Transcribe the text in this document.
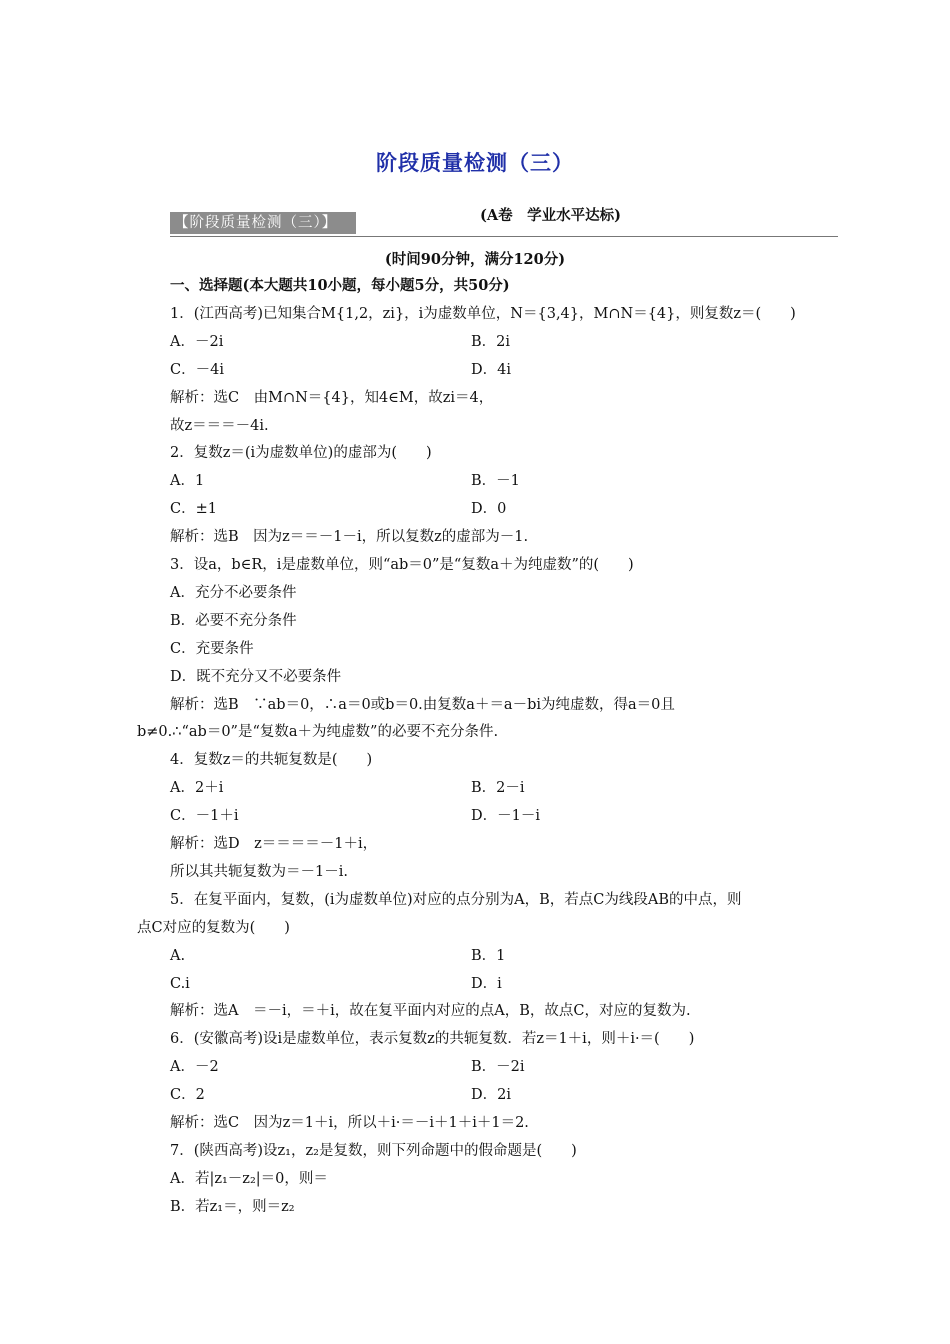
阶段质量检测（三）
【阶段质量检测（三）】	(A卷　学业水平达标)
(时间90分钟，满分120分)
一、选择题(本大题共10小题，每小题5分，共50分)
1．(江西高考)已知集合M{1,2，zi}，i为虚数单位，N＝{3,4}，M∩N＝{4}，则复数z＝(　　)
A．－2i	B．2i
C．－4i	D．4i
解析：选C　由M∩N＝{4}，知4∈M，故zi＝4，
故z＝＝＝－4i.
2．复数z＝(i为虚数单位)的虚部为(　　)
A．1	B．－1
C．±1	D．0
解析：选B　因为z＝＝－1－i，所以复数z的虚部为－1.
3．设a，b∈R，i是虚数单位，则“ab＝0”是“复数a＋为纯虚数”的(　　)
A．充分不必要条件
B．必要不充分条件
C．充要条件
D．既不充分又不必要条件
解析：选B　∵ab＝0，∴a＝0或b＝0.由复数a＋＝a－bi为纯虚数，得a＝0且
b≠0.∴“ab＝0”是“复数a＋为纯虚数”的必要不充分条件.
4．复数z＝的共轭复数是(　　)
A．2＋i	B．2－i
C．－1＋i	D．－1－i
解析：选D　z＝＝＝＝－1＋i，
所以其共轭复数为＝－1－i.
5．在复平面内，复数，(i为虚数单位)对应的点分别为A，B，若点C为线段AB的中点，则
点C对应的复数为(　　)
A.	B．1
C.i	D．i
解析：选A　＝－i，＝＋i，故在复平面内对应的点A，B，故点C，对应的复数为.
6．(安徽高考)设i是虚数单位，表示复数z的共轭复数．若z＝1＋i，则＋i·＝(　　)
A．－2	B．－2i
C．2	D．2i
解析：选C　因为z＝1＋i，所以＋i·＝－i＋1＋i＋1＝2.
7．(陕西高考)设z₁，z₂是复数，则下列命题中的假命题是(　　)
A．若|z₁－z₂|＝0，则＝
B．若z₁＝，则＝z₂
